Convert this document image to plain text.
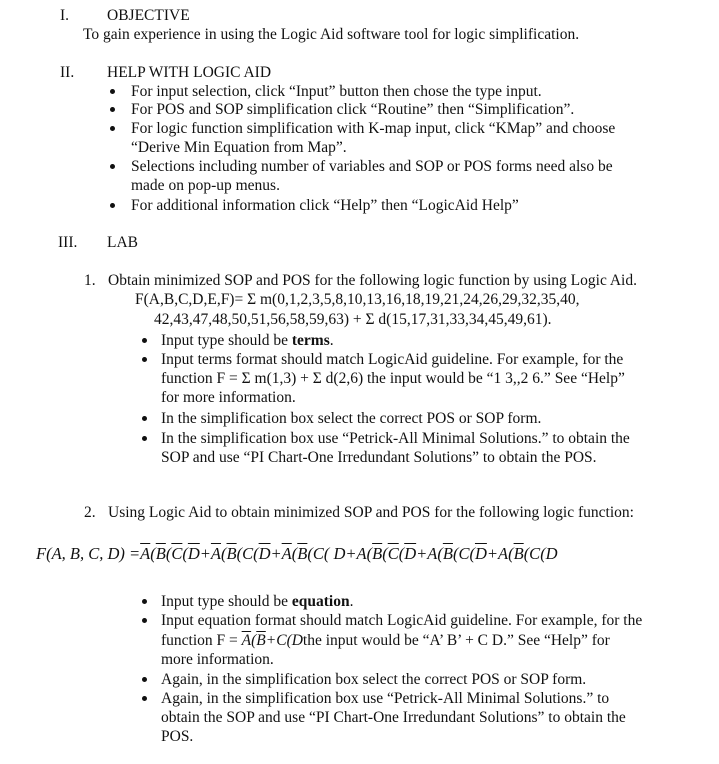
I. OBJECTIVE
To gain experience in using the Logic Aid software tool for logic simplification.
II. HELP WITH LOGIC AID
For input selection, click “Input” button then chose the type input.
For POS and SOP simplification click “Routine” then “Simplification”.
For logic function simplification with K-map input, click “KMap” and choose
“Derive Min Equation from Map”.
Selections including number of variables and SOP or POS forms need also be
made on pop-up menus.
For additional information click “Help” then “LogicAid Help”
III. LAB
1. Obtain minimized SOP and POS for the following logic function by using Logic Aid.
F(A,B,C,D,E,F)= Σ m(0,1,2,3,5,8,10,13,16,18,19,21,24,26,29,32,35,40,
42,43,47,48,50,51,56,58,59,63) + Σ d(15,17,31,33,34,45,49,61).
Input type should be terms.
Input terms format should match LogicAid guideline. For example, for the
function F = Σ m(1,3) + Σ d(2,6) the input would be “1 3,,2 6.” See “Help”
for more information.
In the simplification box select the correct POS or SOP form.
In the simplification box use “Petrick-All Minimal Solutions.” to obtain the
SOP and use “PI Chart-One Irredundant Solutions” to obtain the POS.
2. Using Logic Aid to obtain minimized SOP and POS for the following logic function:
F(A, B, C, $D) =\overline{A}(\overline{B}(\overline{C}(\overline{D}+\overline{A}(\overline{B}(C(\overline{D}+\overline{A}(\overline{B}(C$( $D+A(\overline{B}(\overline{C}(\overline{D}+A(\overline{B}(C(\overline{D}+A(\overline{B}(C(D$
Input type should be equation.
Input equation format should match LogicAid guideline. For example, for the
function $F = \overline{A}(\overline{B}+C(Dthe$ input would be “A’ B’ + C D.” See “Help” for
more information.
Again, in the simplification box select the correct POS or SOP form.
Again, in the simplification box use “Petrick-All Minimal Solutions.” to
obtain the SOP and use “PI Chart-One Irredundant Solutions” to obtain the
POS.
